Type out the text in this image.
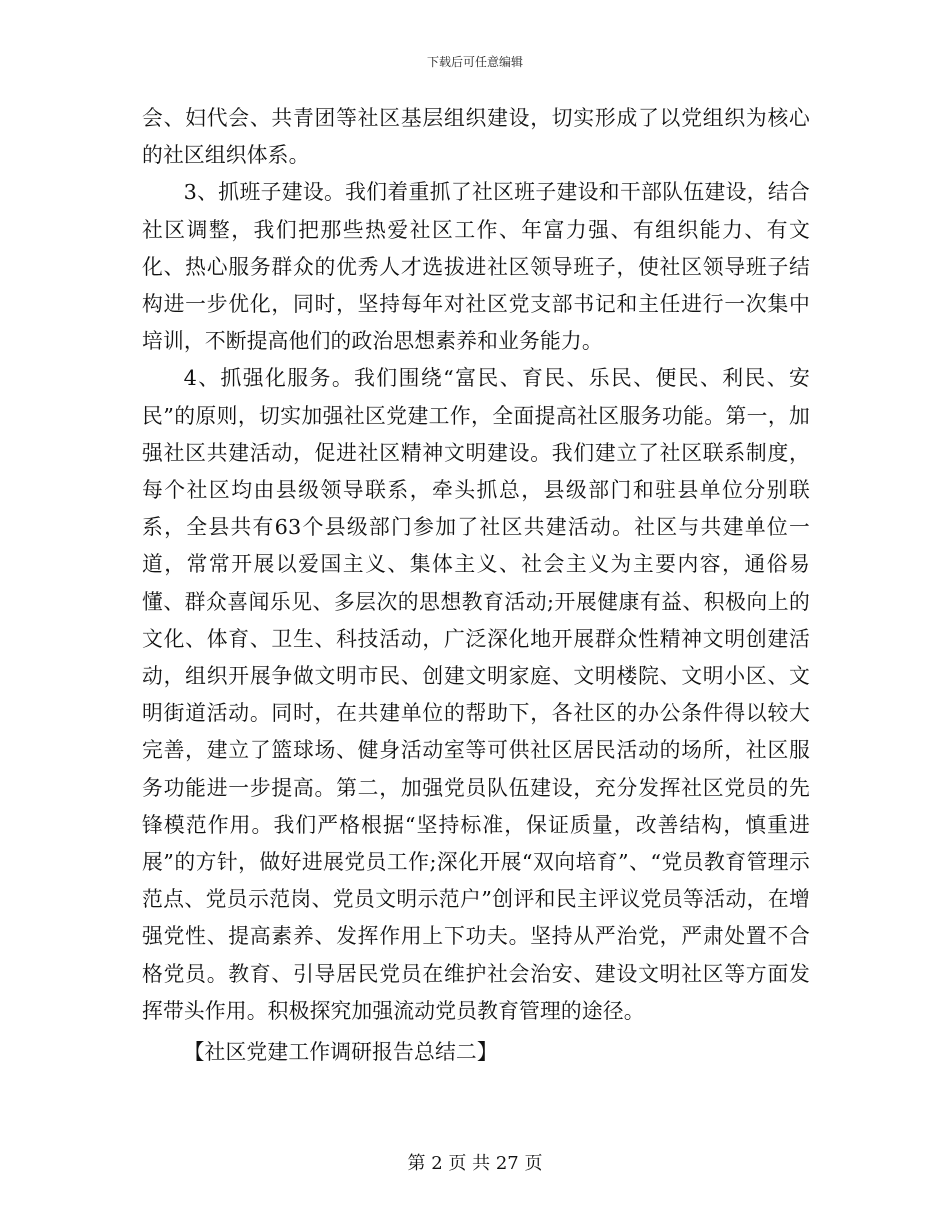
下载后可任意编辑

会、妇代会、共青团等社区基层组织建设，切实形成了以党组织为核心的社区组织体系。

3、抓班子建设。我们着重抓了社区班子建设和干部队伍建设，结合社区调整，我们把那些热爱社区工作、年富力强、有组织能力、有文化、热心服务群众的优秀人才选拔进社区领导班子，使社区领导班子结构进一步优化，同时，坚持每年对社区党支部书记和主任进行一次集中培训，不断提高他们的政治思想素养和业务能力。

4、抓强化服务。我们围绕“富民、育民、乐民、便民、利民、安民”的原则，切实加强社区党建工作，全面提高社区服务功能。第一，加强社区共建活动，促进社区精神文明建设。我们建立了社区联系制度，每个社区均由县级领导联系，牵头抓总，县级部门和驻县单位分别联系，全县共有63个县级部门参加了社区共建活动。社区与共建单位一道，常常开展以爱国主义、集体主义、社会主义为主要内容，通俗易懂、群众喜闻乐见、多层次的思想教育活动;开展健康有益、积极向上的文化、体育、卫生、科技活动，广泛深化地开展群众性精神文明创建活动，组织开展争做文明市民、创建文明家庭、文明楼院、文明小区、文明街道活动。同时，在共建单位的帮助下，各社区的办公条件得以较大完善，建立了篮球场、健身活动室等可供社区居民活动的场所，社区服务功能进一步提高。第二，加强党员队伍建设，充分发挥社区党员的先锋模范作用。我们严格根据“坚持标准，保证质量，改善结构，慎重进展”的方针，做好进展党员工作;深化开展“双向培育”、“党员教育管理示范点、党员示范岗、党员文明示范户”创评和民主评议党员等活动，在增强党性、提高素养、发挥作用上下功夫。坚持从严治党，严肃处置不合格党员。教育、引导居民党员在维护社会治安、建设文明社区等方面发挥带头作用。积极探究加强流动党员教育管理的途径。

【社区党建工作调研报告总结二】

第 2 页 共 27 页
